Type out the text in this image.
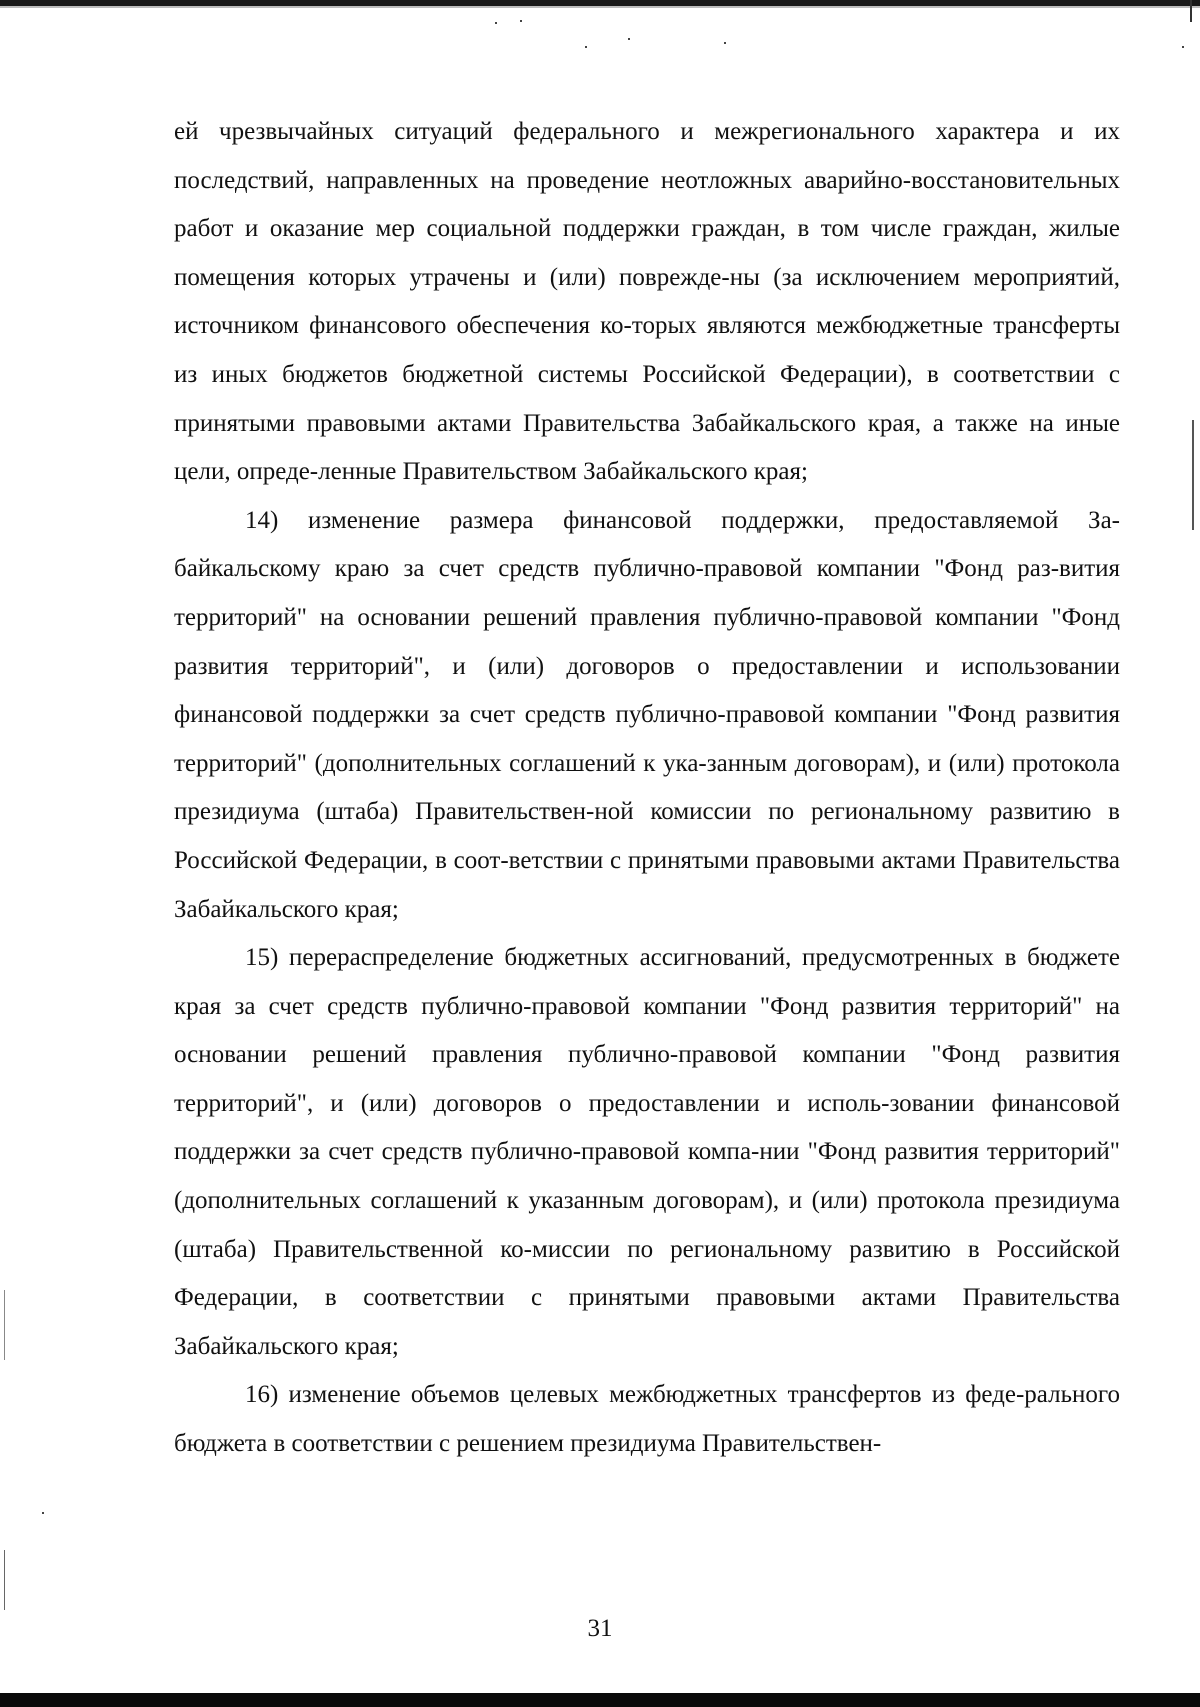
ей чрезвычайных ситуаций федерального и межрегионального характера и их последствий, направленных на проведение неотложных аварийно-восстановительных работ и оказание мер социальной поддержки граждан, в том числе граждан, жилые помещения которых утрачены и (или) поврежде-ны (за исключением мероприятий, источником финансового обеспечения ко-торых являются межбюджетные трансферты из иных бюджетов бюджетной системы Российской Федерации), в соответствии с принятыми правовыми актами Правительства Забайкальского края, а также на иные цели, опреде-ленные Правительством Забайкальского края;

14) изменение размера финансовой поддержки, предоставляемой За-байкальскому краю за счет средств публично-правовой компании "Фонд раз-вития территорий" на основании решений правления публично-правовой компании "Фонд развития территорий", и (или) договоров о предоставлении и использовании финансовой поддержки за счет средств публично-правовой компании "Фонд развития территорий" (дополнительных соглашений к ука-занным договорам), и (или) протокола президиума (штаба) Правительствен-ной комиссии по региональному развитию в Российской Федерации, в соот-ветствии с принятыми правовыми актами Правительства Забайкальского края;

15) перераспределение бюджетных ассигнований, предусмотренных в бюджете края за счет средств публично-правовой компании "Фонд развития территорий" на основании решений правления публично-правовой компании "Фонд развития территорий", и (или) договоров о предоставлении и исполь-зовании финансовой поддержки за счет средств публично-правовой компа-нии "Фонд развития территорий" (дополнительных соглашений к указанным договорам), и (или) протокола президиума (штаба) Правительственной ко-миссии по региональному развитию в Российской Федерации, в соответствии с принятыми правовыми актами Правительства Забайкальского края;

16) изменение объемов целевых межбюджетных трансфертов из феде-рального бюджета в соответствии с решением президиума Правительствен-

31
